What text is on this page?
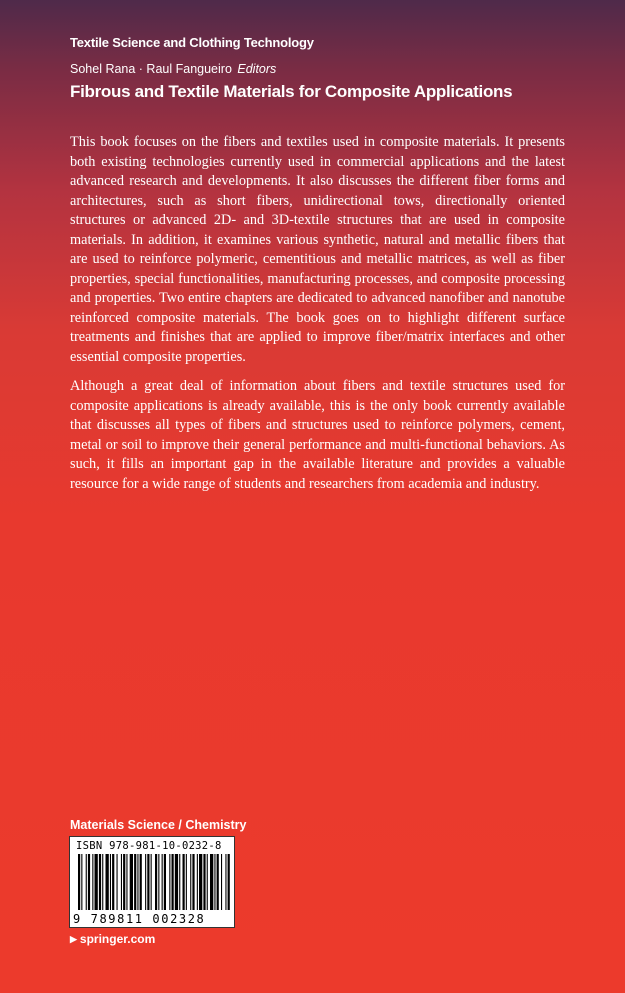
Textile Science and Clothing Technology
Sohel Rana · Raul Fangueiro Editors
Fibrous and Textile Materials for Composite Applications

This book focuses on the fibers and textiles used in composite materials. It presents both existing technologies currently used in commercial applications and the latest advanced research and developments. It also discusses the different fiber forms and architectures, such as short fibers, unidirectional tows, directionally oriented structures or advanced 2D- and 3D-textile structures that are used in composite materials. In addition, it examines various synthetic, natural and metallic fibers that are used to reinforce polymeric, cementitious and metallic matrices, as well as fiber properties, special functionalities, manufacturing processes, and composite processing and properties. Two entire chapters are dedicated to advanced nanofiber and nanotube reinforced composite materials. The book goes on to highlight different surface treatments and finishes that are applied to improve fiber/matrix interfaces and other essential composite properties.

Although a great deal of information about fibers and textile structures used for composite applications is already available, this is the only book currently available that discusses all types of fibers and structures used to reinforce polymers, cement, metal or soil to improve their general performance and multi-functional behaviors. As such, it fills an important gap in the available literature and provides a valuable resource for a wide range of students and researchers from academia and industry.

Materials Science / Chemistry
ISBN 978-981-10-0232-8
9 789811 002328
▶ springer.com
